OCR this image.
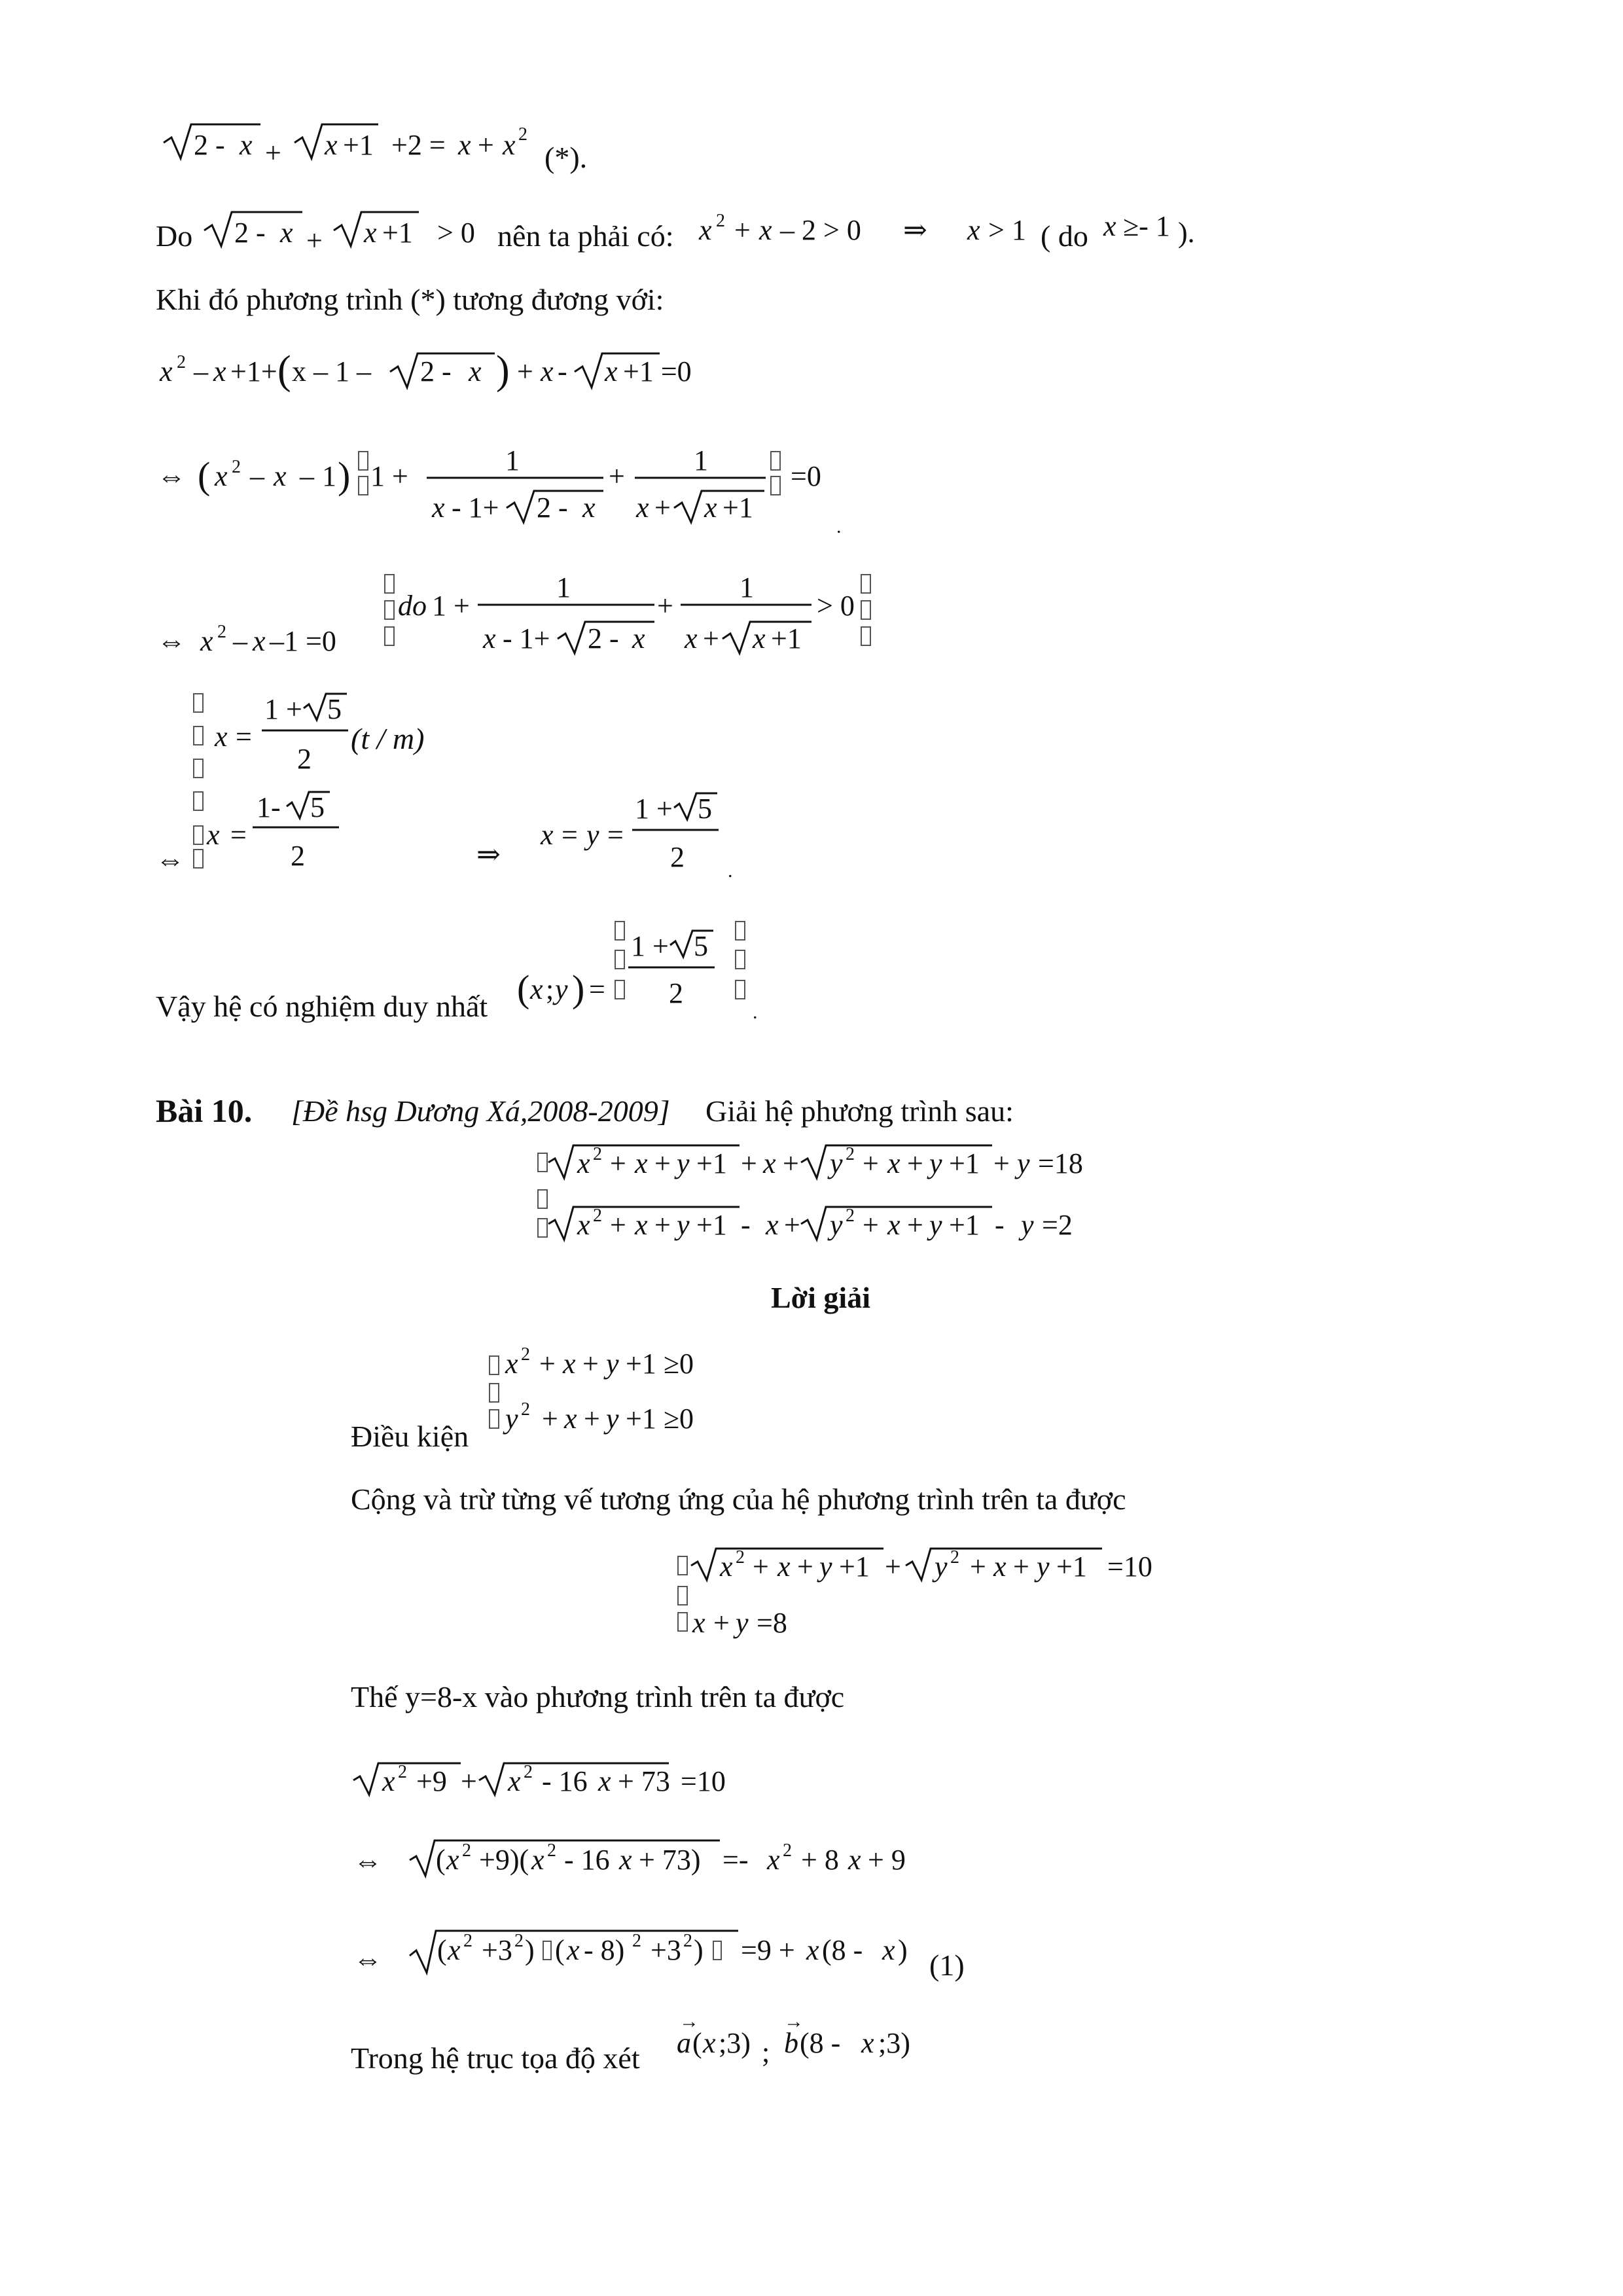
(*).
Do	nên ta phải có:	( do
Khi đó phương trình (*) tương đương với:
(t / m)
Vậy hệ có nghiệm duy nhất
Bài 10. [Đề hsg Dương Xá,2008-2009] Giải hệ phương trình sau:
Lời giải
Điều kiện
Cộng và trừ từng vế tương ứng của hệ phương trình trên ta được
Thế y=8-x vào phương trình trên ta được
(1)
Trong hệ trục tọa độ xét
2 - x + x +1 +2 = x + x 2
2 - x + x +1 > 0	x 2 + x – 2 > 0 ⇒ x > 1	x ≥- 1 ).
x 2 – x +1+ ( x – 1 – 2 - x ) + x - x +1 =0
⇔ ( x 2 – x – 1 ) 1 +	1
x - 1+ 2 - x
+ 1
x + x +1
=0
.
⇔ x 2 – x –1 =0
do 1 +
1
x - 1+ 2 - x
+
1
x + x +1
> 0
x =
1 + 5
2
x =
1- 5
2
⇔	⇒
x = y =
1 + 5
2 .
( x ; y ) =
1 + 5
2
.
x 2 + x + y +1 + x + y 2 + x + y +1 + y =18
x 2 + x + y +1 - x + y 2 + x + y +1 - y =2
x 2 + x + y +1 ≥0
y 2 + x + y +1 ≥0
x 2 + x + y +1 + y 2 + x + y +1 =10
x + y =8
x 2 +9 + x 2 - 16 x + 73 =10
⇔ ( x 2 +9)( x 2 - 16 x + 73) =- x 2 + 8 x + 9
⇔ ( x 2 +3 2 ) ( x - 8) 2 +3 2 ) =9 + x (8 - x )
→
a ( x ;3) ;
→
b (8 - x ;3)
